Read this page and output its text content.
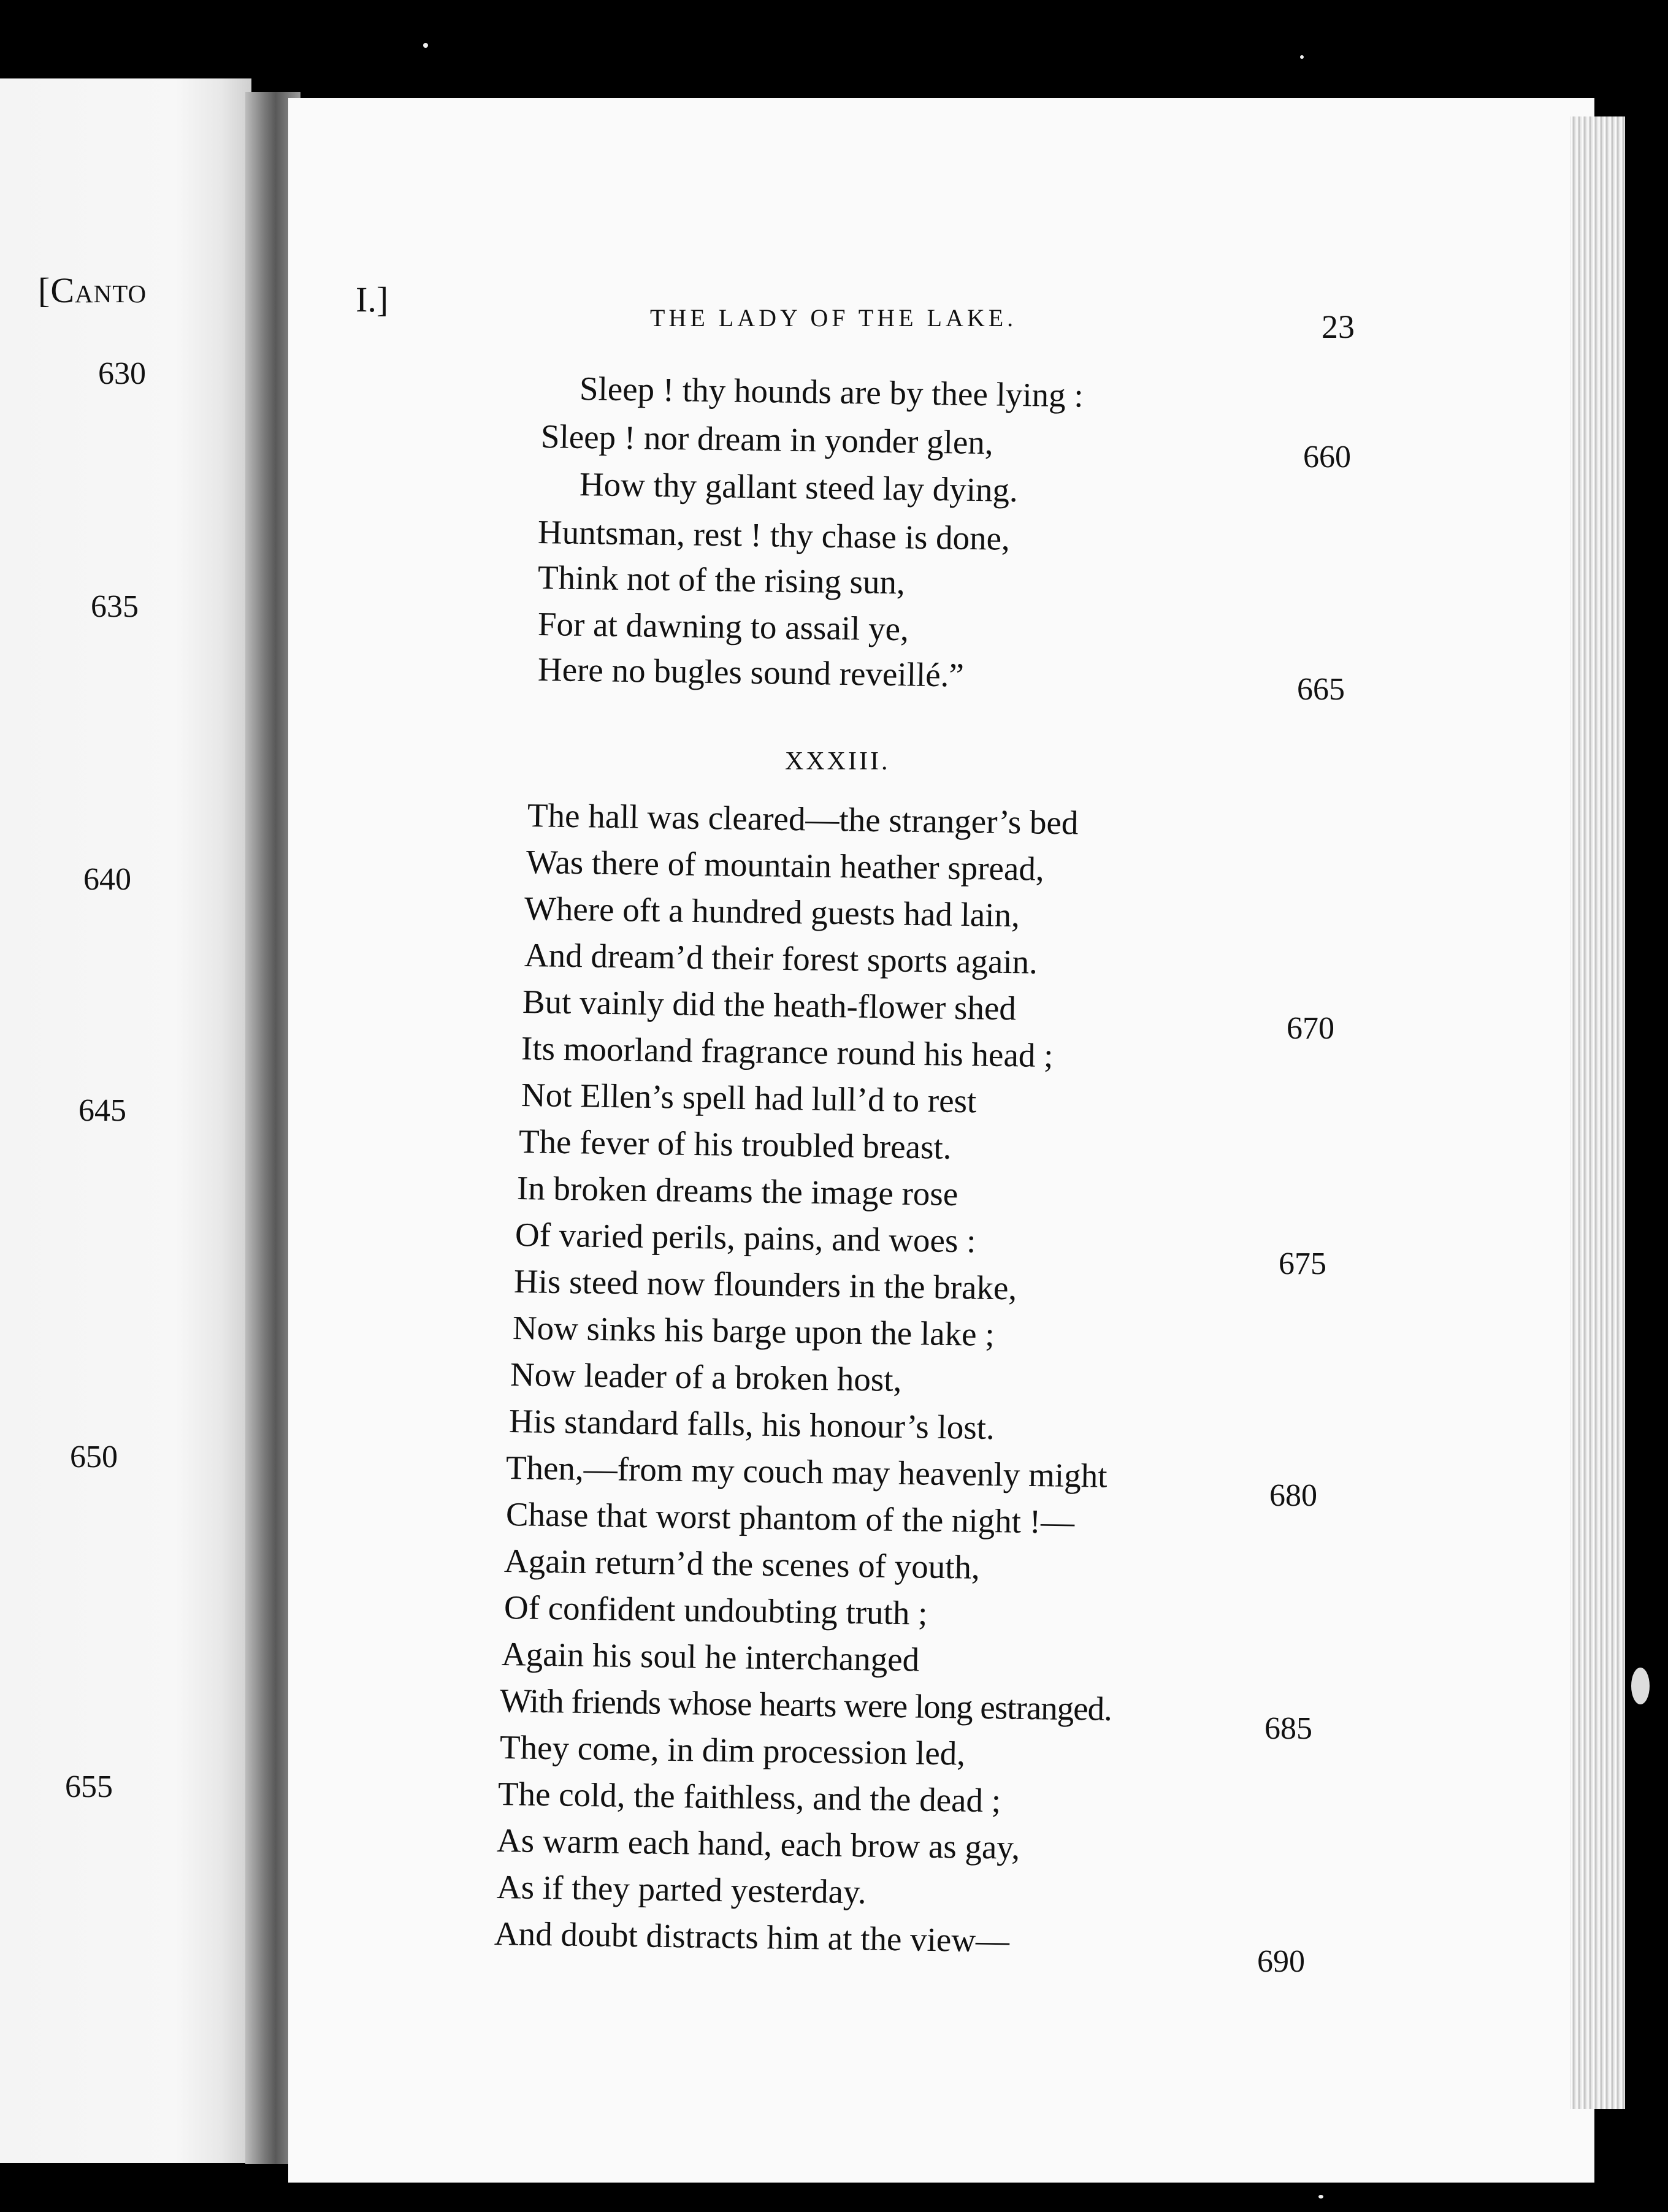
[Canto
630
635
640
645
650
655
I.]	THE LADY OF THE LAKE.	23
Sleep ! thy hounds are by thee lying :
Sleep ! nor dream in yonder glen,
How thy gallant steed lay dying.
Huntsman, rest ! thy chase is done,
Think not of the rising sun,
For at dawning to assail ye,
Here no bugles sound reveillé.”
660
665
XXXIII.
The hall was cleared—the stranger’s bed
Was there of mountain heather spread,
Where oft a hundred guests had lain,
And dream’d their forest sports again.
But vainly did the heath-flower shed
Its moorland fragrance round his head ;
Not Ellen’s spell had lull’d to rest
The fever of his troubled breast.
In broken dreams the image rose
Of varied perils, pains, and woes :
His steed now flounders in the brake,
Now sinks his barge upon the lake ;
Now leader of a broken host,
His standard falls, his honour’s lost.
Then,—from my couch may heavenly might
Chase that worst phantom of the night !—
Again return’d the scenes of youth,
Of confident undoubting truth ;
Again his soul he interchanged
With friends whose hearts were long estranged.
They come, in dim procession led,
The cold, the faithless, and the dead ;
As warm each hand, each brow as gay,
As if they parted yesterday.
And doubt distracts him at the view—
670
675
680
685
690
